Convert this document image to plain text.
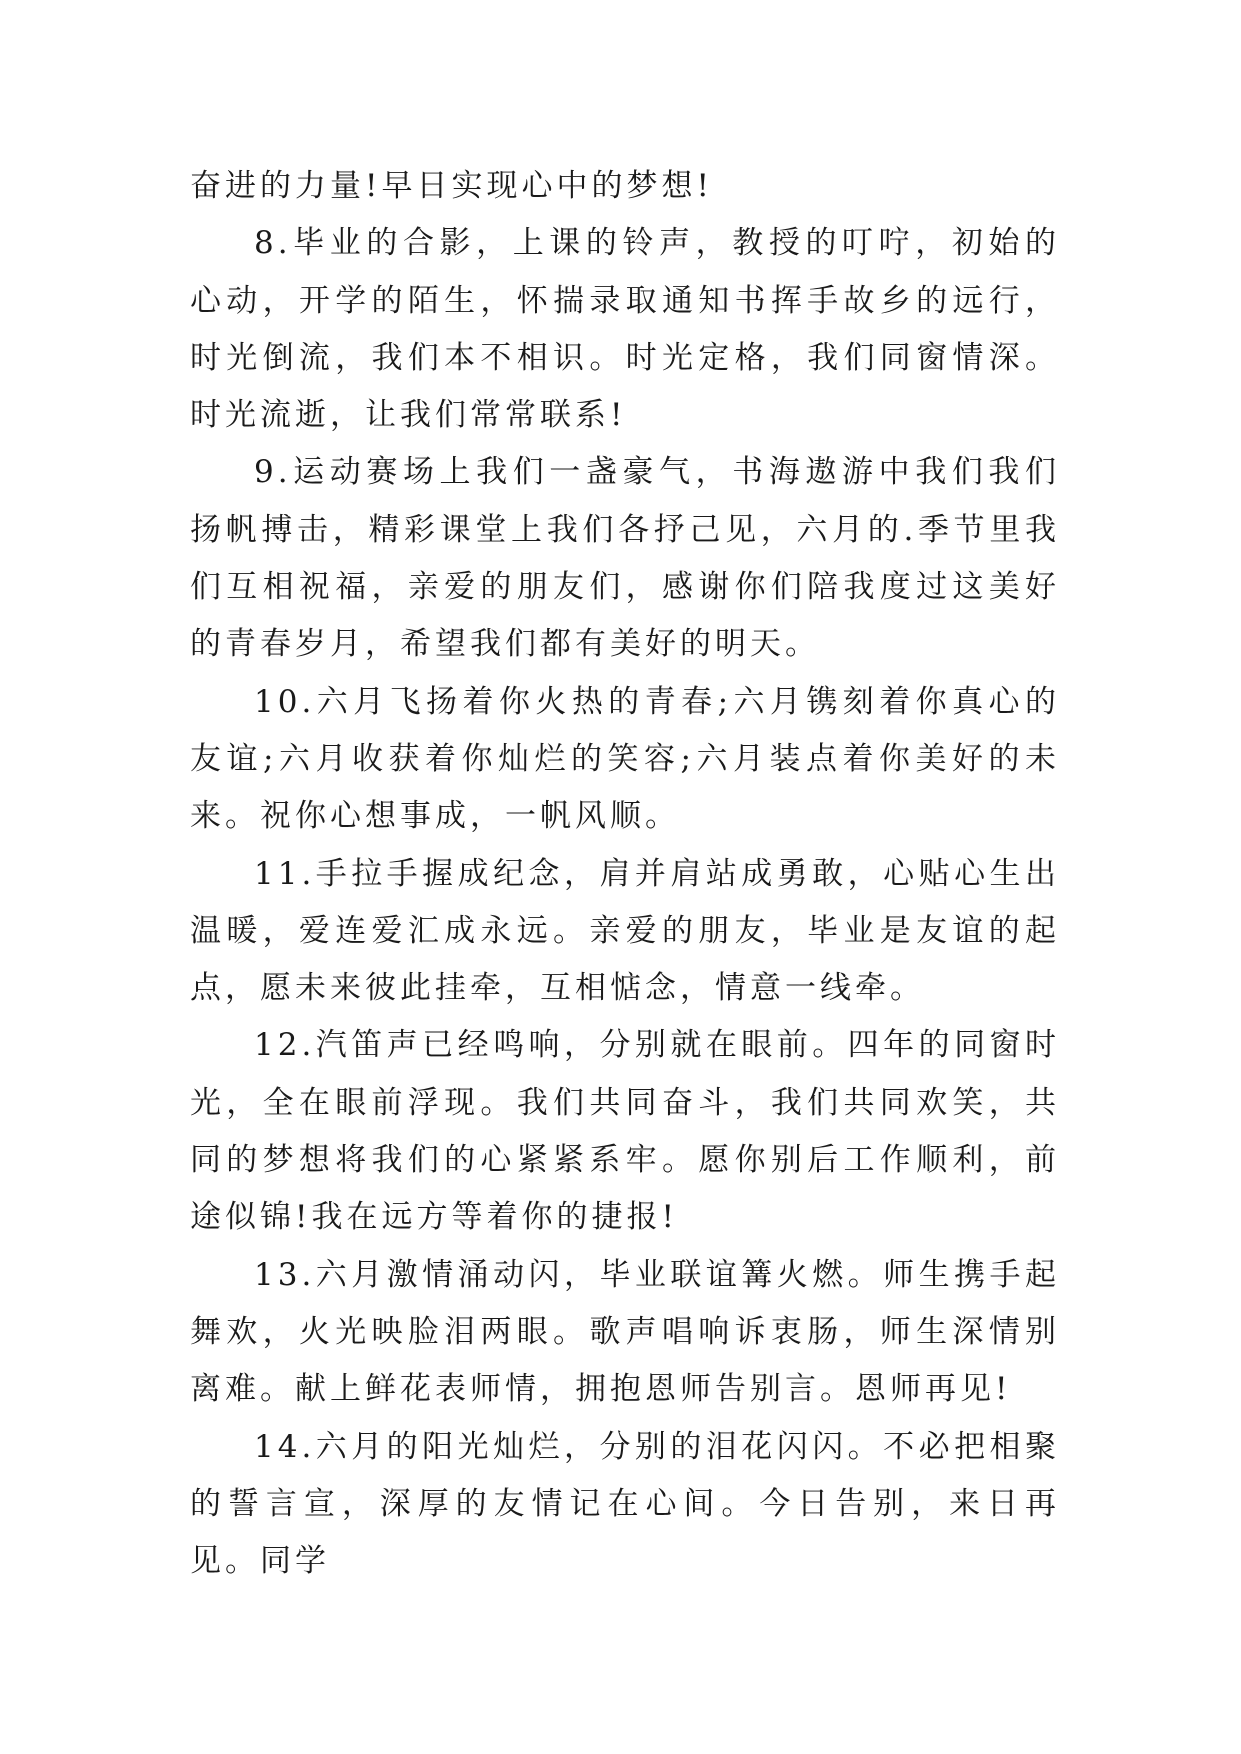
奋进的力量!早日实现心中的梦想!

8.毕业的合影，上课的铃声，教授的叮咛，初始的心动，开学的陌生，怀揣录取通知书挥手故乡的远行，时光倒流，我们本不相识。时光定格，我们同窗情深。时光流逝，让我们常常联系!

9.运动赛场上我们一盏豪气，书海遨游中我们我们扬帆搏击，精彩课堂上我们各抒己见，六月的.季节里我们互相祝福，亲爱的朋友们，感谢你们陪我度过这美好的青春岁月，希望我们都有美好的明天。

10.六月飞扬着你火热的青春;六月镌刻着你真心的友谊;六月收获着你灿烂的笑容;六月装点着你美好的未来。祝你心想事成，一帆风顺。

11.手拉手握成纪念，肩并肩站成勇敢，心贴心生出温暖，爱连爱汇成永远。亲爱的朋友，毕业是友谊的起点，愿未来彼此挂牵，互相惦念，情意一线牵。

12.汽笛声已经鸣响，分别就在眼前。四年的同窗时光，全在眼前浮现。我们共同奋斗，我们共同欢笑，共同的梦想将我们的心紧紧系牢。愿你别后工作顺利，前途似锦!我在远方等着你的捷报!

13.六月激情涌动闪，毕业联谊篝火燃。师生携手起舞欢，火光映脸泪两眼。歌声唱响诉衷肠，师生深情别离难。献上鲜花表师情，拥抱恩师告别言。恩师再见!

14.六月的阳光灿烂，分别的泪花闪闪。不必把相聚的誓言宣，深厚的友情记在心间。今日告别，来日再见。同学
